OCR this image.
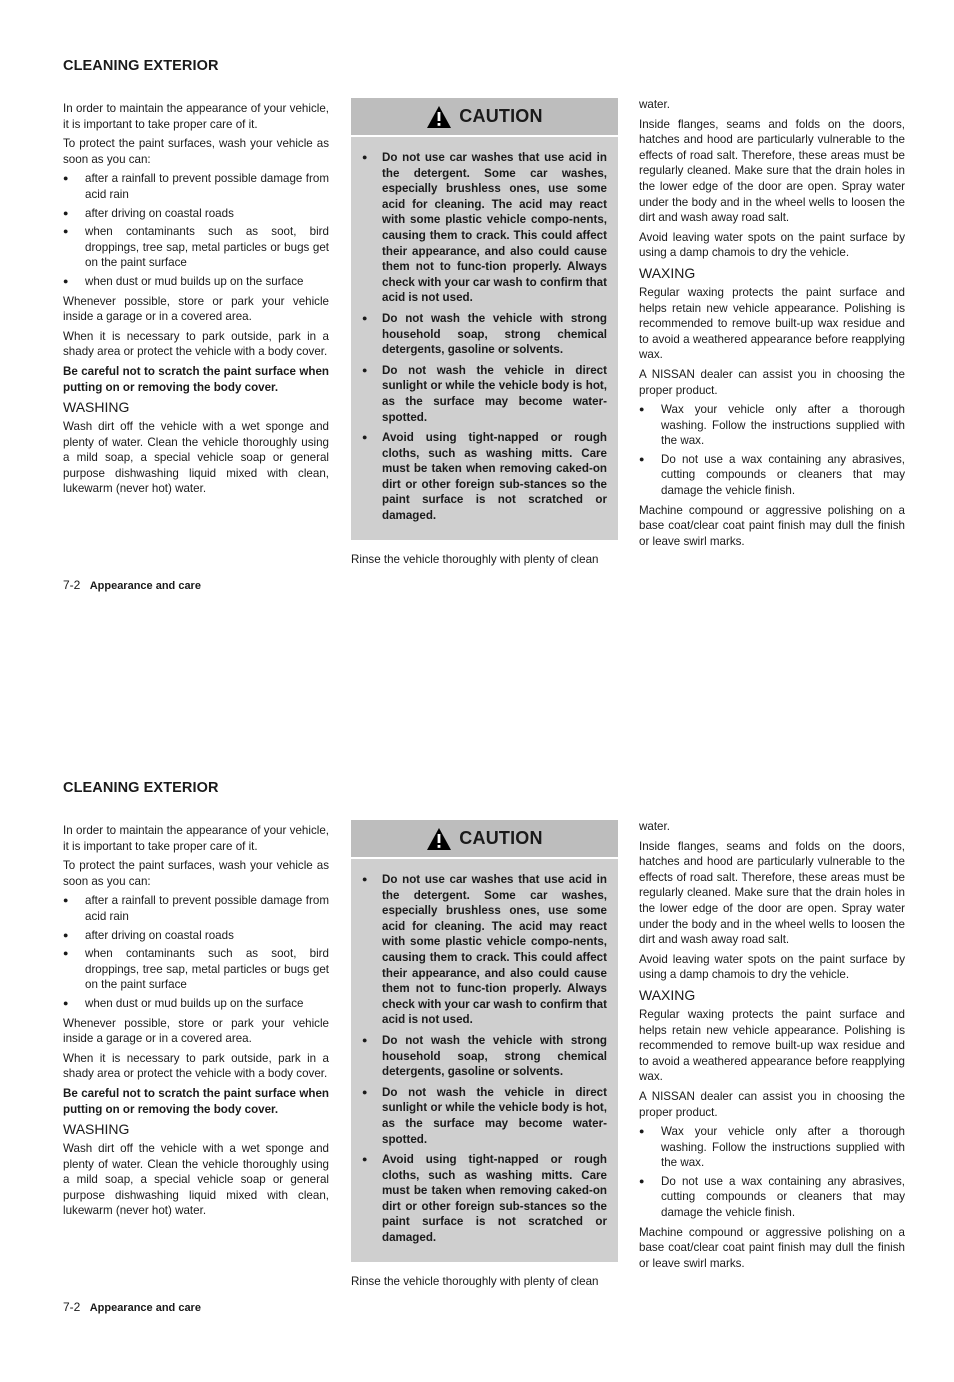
CLEANING EXTERIOR

In order to maintain the appearance of your vehicle, it is important to take proper care of it.

To protect the paint surfaces, wash your vehicle as soon as you can:

● after a rainfall to prevent possible damage from acid rain
● after driving on coastal roads
● when contaminants such as soot, bird droppings, tree sap, metal particles or bugs get on the paint surface
● when dust or mud builds up on the surface

Whenever possible, store or park your vehicle inside a garage or in a covered area.

When it is necessary to park outside, park in a shady area or protect the vehicle with a body cover.

Be careful not to scratch the paint surface when putting on or removing the body cover.

WASHING

Wash dirt off the vehicle with a wet sponge and plenty of water. Clean the vehicle thoroughly using a mild soap, a special vehicle soap or general purpose dishwashing liquid mixed with clean, lukewarm (never hot) water.

CAUTION
● Do not use car washes that use acid in the detergent. Some car washes, especially brushless ones, use some acid for cleaning. The acid may react with some plastic vehicle compo-nents, causing them to crack. This could affect their appearance, and also could cause them not to func-tion properly. Always check with your car wash to confirm that acid is not used.
● Do not wash the vehicle with strong household soap, strong chemical detergents, gasoline or solvents.
● Do not wash the vehicle in direct sunlight or while the vehicle body is hot, as the surface may become water-spotted.
● Avoid using tight-napped or rough cloths, such as washing mitts. Care must be taken when removing caked-on dirt or other foreign sub-stances so the paint surface is not scratched or damaged.

Rinse the vehicle thoroughly with plenty of clean

water.

Inside flanges, seams and folds on the doors, hatches and hood are particularly vulnerable to the effects of road salt. Therefore, these areas must be regularly cleaned. Make sure that the drain holes in the lower edge of the door are open. Spray water under the body and in the wheel wells to loosen the dirt and wash away road salt.

Avoid leaving water spots on the paint surface by using a damp chamois to dry the vehicle.

WAXING

Regular waxing protects the paint surface and helps retain new vehicle appearance. Polishing is recommended to remove built-up wax residue and to avoid a weathered appearance before reapplying wax.

A NISSAN dealer can assist you in choosing the proper product.

● Wax your vehicle only after a thorough washing. Follow the instructions supplied with the wax.
● Do not use a wax containing any abrasives, cutting compounds or cleaners that may damage the vehicle finish.

Machine compound or aggressive polishing on a base coat/clear coat paint finish may dull the finish or leave swirl marks.

7-2 Appearance and care
CLEANING EXTERIOR

In order to maintain the appearance of your vehicle, it is important to take proper care of it.

To protect the paint surfaces, wash your vehicle as soon as you can:

● after a rainfall to prevent possible damage from acid rain
● after driving on coastal roads
● when contaminants such as soot, bird droppings, tree sap, metal particles or bugs get on the paint surface
● when dust or mud builds up on the surface

Whenever possible, store or park your vehicle inside a garage or in a covered area.

When it is necessary to park outside, park in a shady area or protect the vehicle with a body cover.

Be careful not to scratch the paint surface when putting on or removing the body cover.

WASHING

Wash dirt off the vehicle with a wet sponge and plenty of water. Clean the vehicle thoroughly using a mild soap, a special vehicle soap or general purpose dishwashing liquid mixed with clean, lukewarm (never hot) water.

CAUTION
● Do not use car washes that use acid in the detergent. Some car washes, especially brushless ones, use some acid for cleaning. The acid may react with some plastic vehicle compo-nents, causing them to crack. This could affect their appearance, and also could cause them not to func-tion properly. Always check with your car wash to confirm that acid is not used.
● Do not wash the vehicle with strong household soap, strong chemical detergents, gasoline or solvents.
● Do not wash the vehicle in direct sunlight or while the vehicle body is hot, as the surface may become water-spotted.
● Avoid using tight-napped or rough cloths, such as washing mitts. Care must be taken when removing caked-on dirt or other foreign sub-stances so the paint surface is not scratched or damaged.

Rinse the vehicle thoroughly with plenty of clean

water.

Inside flanges, seams and folds on the doors, hatches and hood are particularly vulnerable to the effects of road salt. Therefore, these areas must be regularly cleaned. Make sure that the drain holes in the lower edge of the door are open. Spray water under the body and in the wheel wells to loosen the dirt and wash away road salt.

Avoid leaving water spots on the paint surface by using a damp chamois to dry the vehicle.

WAXING

Regular waxing protects the paint surface and helps retain new vehicle appearance. Polishing is recommended to remove built-up wax residue and to avoid a weathered appearance before reapplying wax.

A NISSAN dealer can assist you in choosing the proper product.

● Wax your vehicle only after a thorough washing. Follow the instructions supplied with the wax.
● Do not use a wax containing any abrasives, cutting compounds or cleaners that may damage the vehicle finish.

Machine compound or aggressive polishing on a base coat/clear coat paint finish may dull the finish or leave swirl marks.

7-2 Appearance and care
